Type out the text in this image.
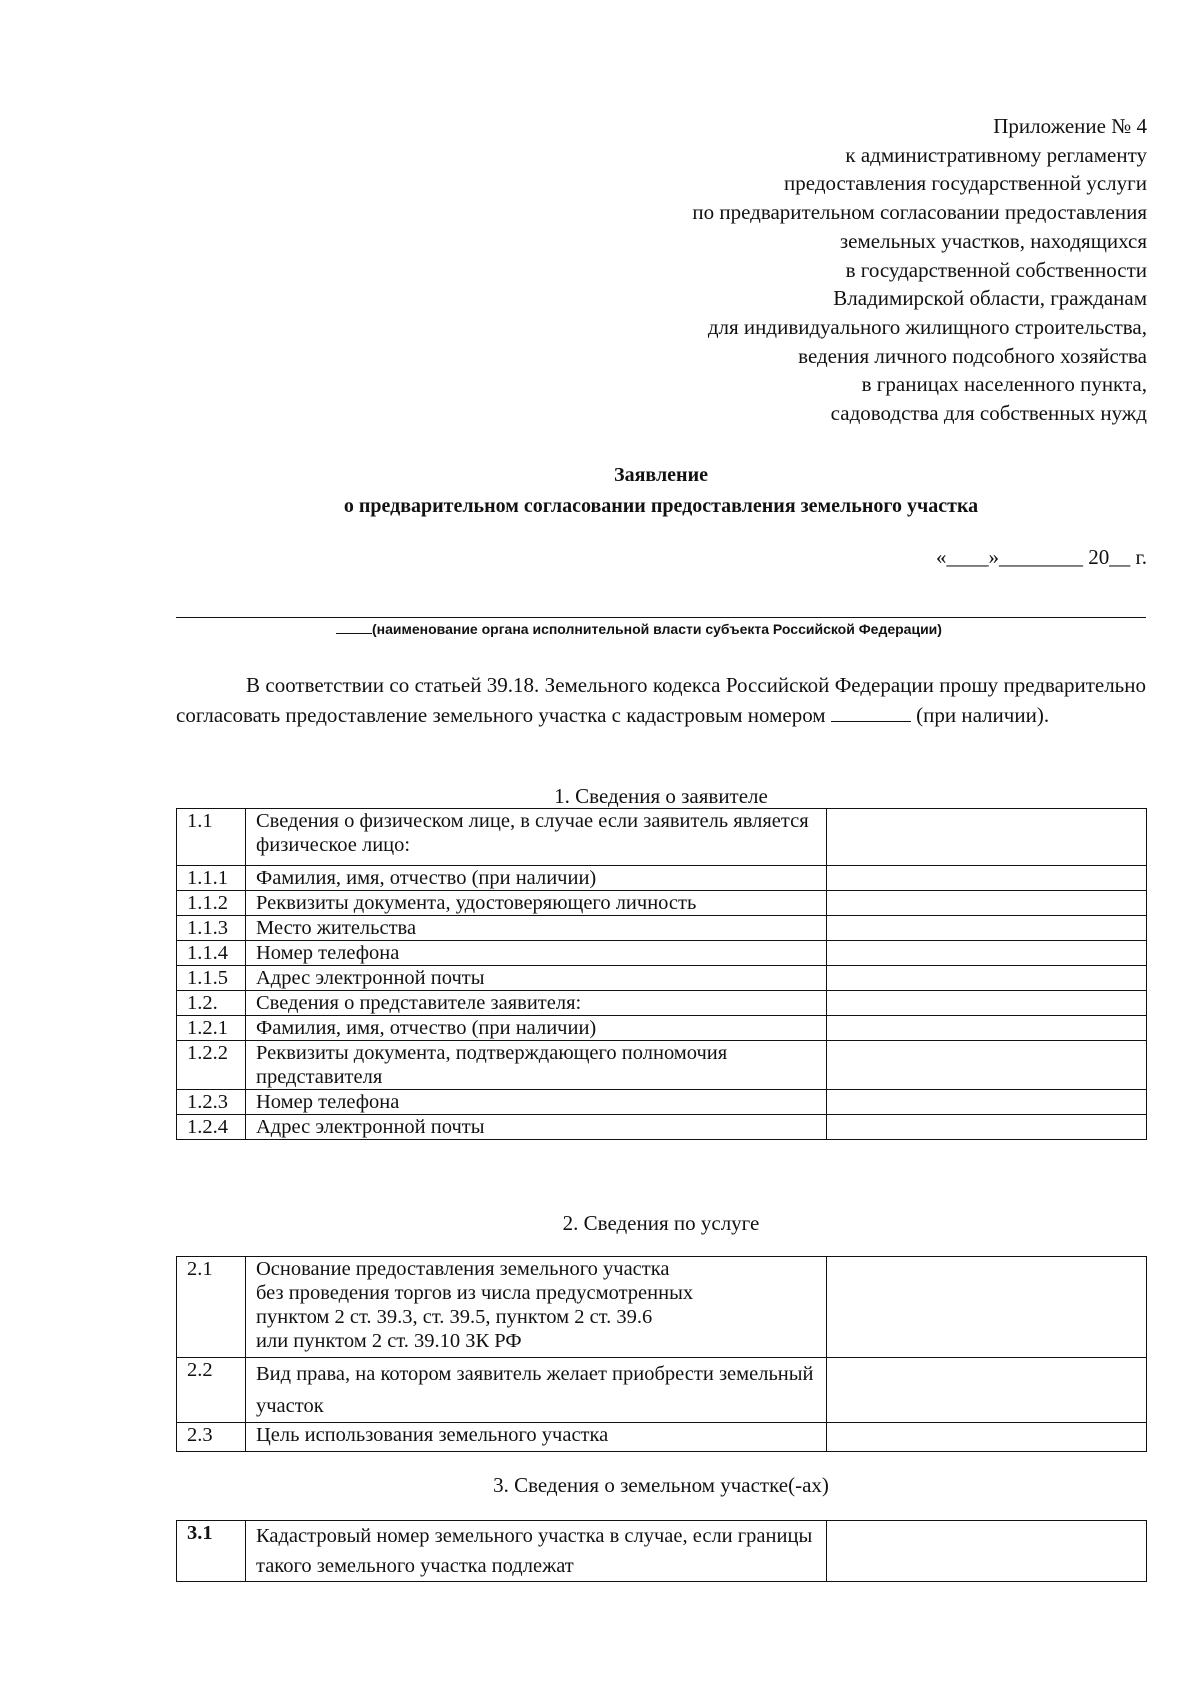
Приложение № 4
к административному регламенту
предоставления государственной услуги
по предварительном согласовании предоставления
земельных участков, находящихся
в государственной собственности
Владимирской области, гражданам
для индивидуального жилищного строительства,
ведения личного подсобного хозяйства
в границах населенного пункта,
садоводства для собственных нужд
Заявление
о предварительном согласовании предоставления земельного участка
«____»________ 20__ г.
(наименование органа исполнительной власти субъекта Российской Федерации)
В соответствии со статьей 39.18. Земельного кодекса Российской Федерации прошу предварительно согласовать предоставление земельного участка с кадастровым номером	(при наличии).
1. Сведения о заявителе
1.1	Сведения о физическом лице, в случае если заявитель является физическое лицо:	
1.1.1	Фамилия, имя, отчество (при наличии)	
1.1.2	Реквизиты документа, удостоверяющего личность	
1.1.3	Место жительства	
1.1.4	Номер телефона	
1.1.5	Адрес электронной почты	
1.2.	Сведения о представителе заявителя:	
1.2.1	Фамилия, имя, отчество (при наличии)	
1.2.2	Реквизиты документа, подтверждающего полномочия представителя	
1.2.3	Номер телефона	
1.2.4	Адрес электронной почты	
2. Сведения по услуге
2.1	Основание предоставления земельного участка
без проведения торгов из числа предусмотренных
пунктом 2 ст. 39.3, ст. 39.5, пунктом 2 ст. 39.6
или пунктом 2 ст. 39.10 ЗК РФ	

2.2	Вид права, на котором заявитель желает приобрести земельный участок	
2.3	Цель использования земельного участка	
3. Сведения о земельном участке(-ах)
3.1	Кадастровый номер земельного участка в случае, если границы такого земельного участка подлежат	
